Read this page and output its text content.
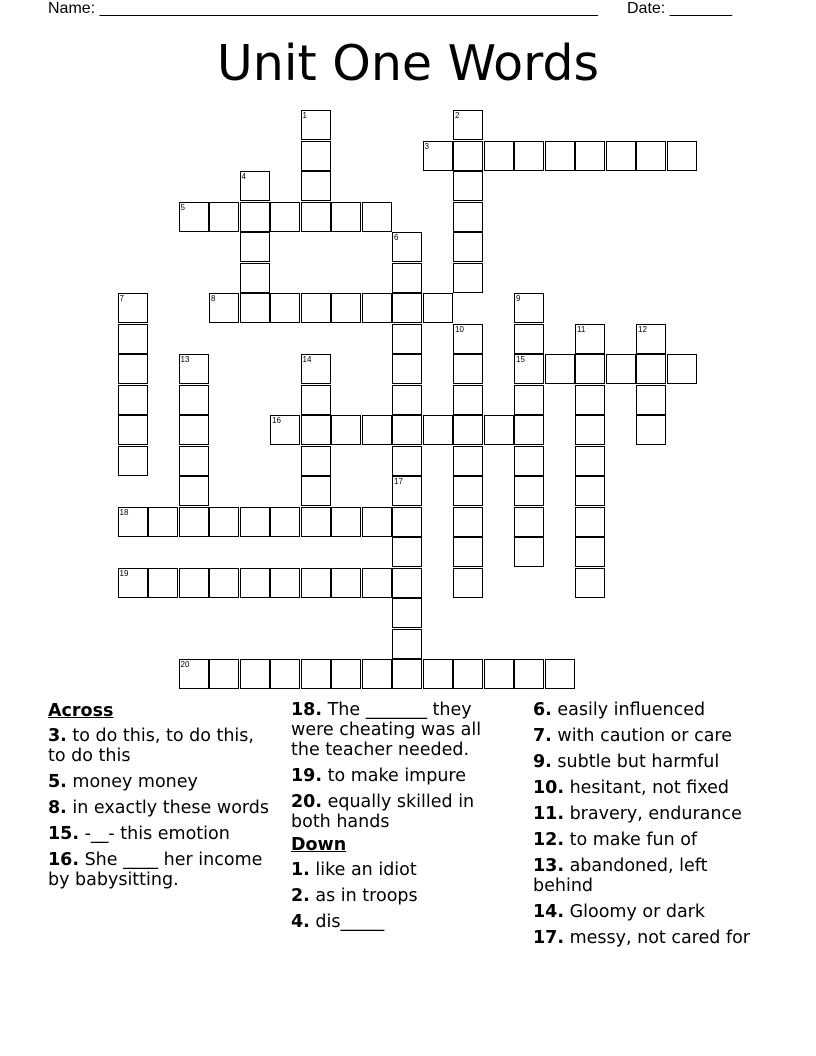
Name: ________________________________________________________ Date: _______
Unit One Words
1	2
3
4
5
6
7	8	9
15
10	11	12
13	14
16
17
18
19
20
Across
3. to do this, to do this, to do this
5. money money
8. in exactly these words
15. -__- this emotion
16. She ____ her income by babysitting.
18. The _______ they were cheating was all the teacher needed.
19. to make impure
20. equally skilled in both hands
Down
1. like an idiot
2. as in troops
4. dis_____
6. easily influenced
7. with caution or care
9. subtle but harmful
10. hesitant, not fixed
11. bravery, endurance
12. to make fun of
13. abandoned, left behind
14. Gloomy or dark
17. messy, not cared for
